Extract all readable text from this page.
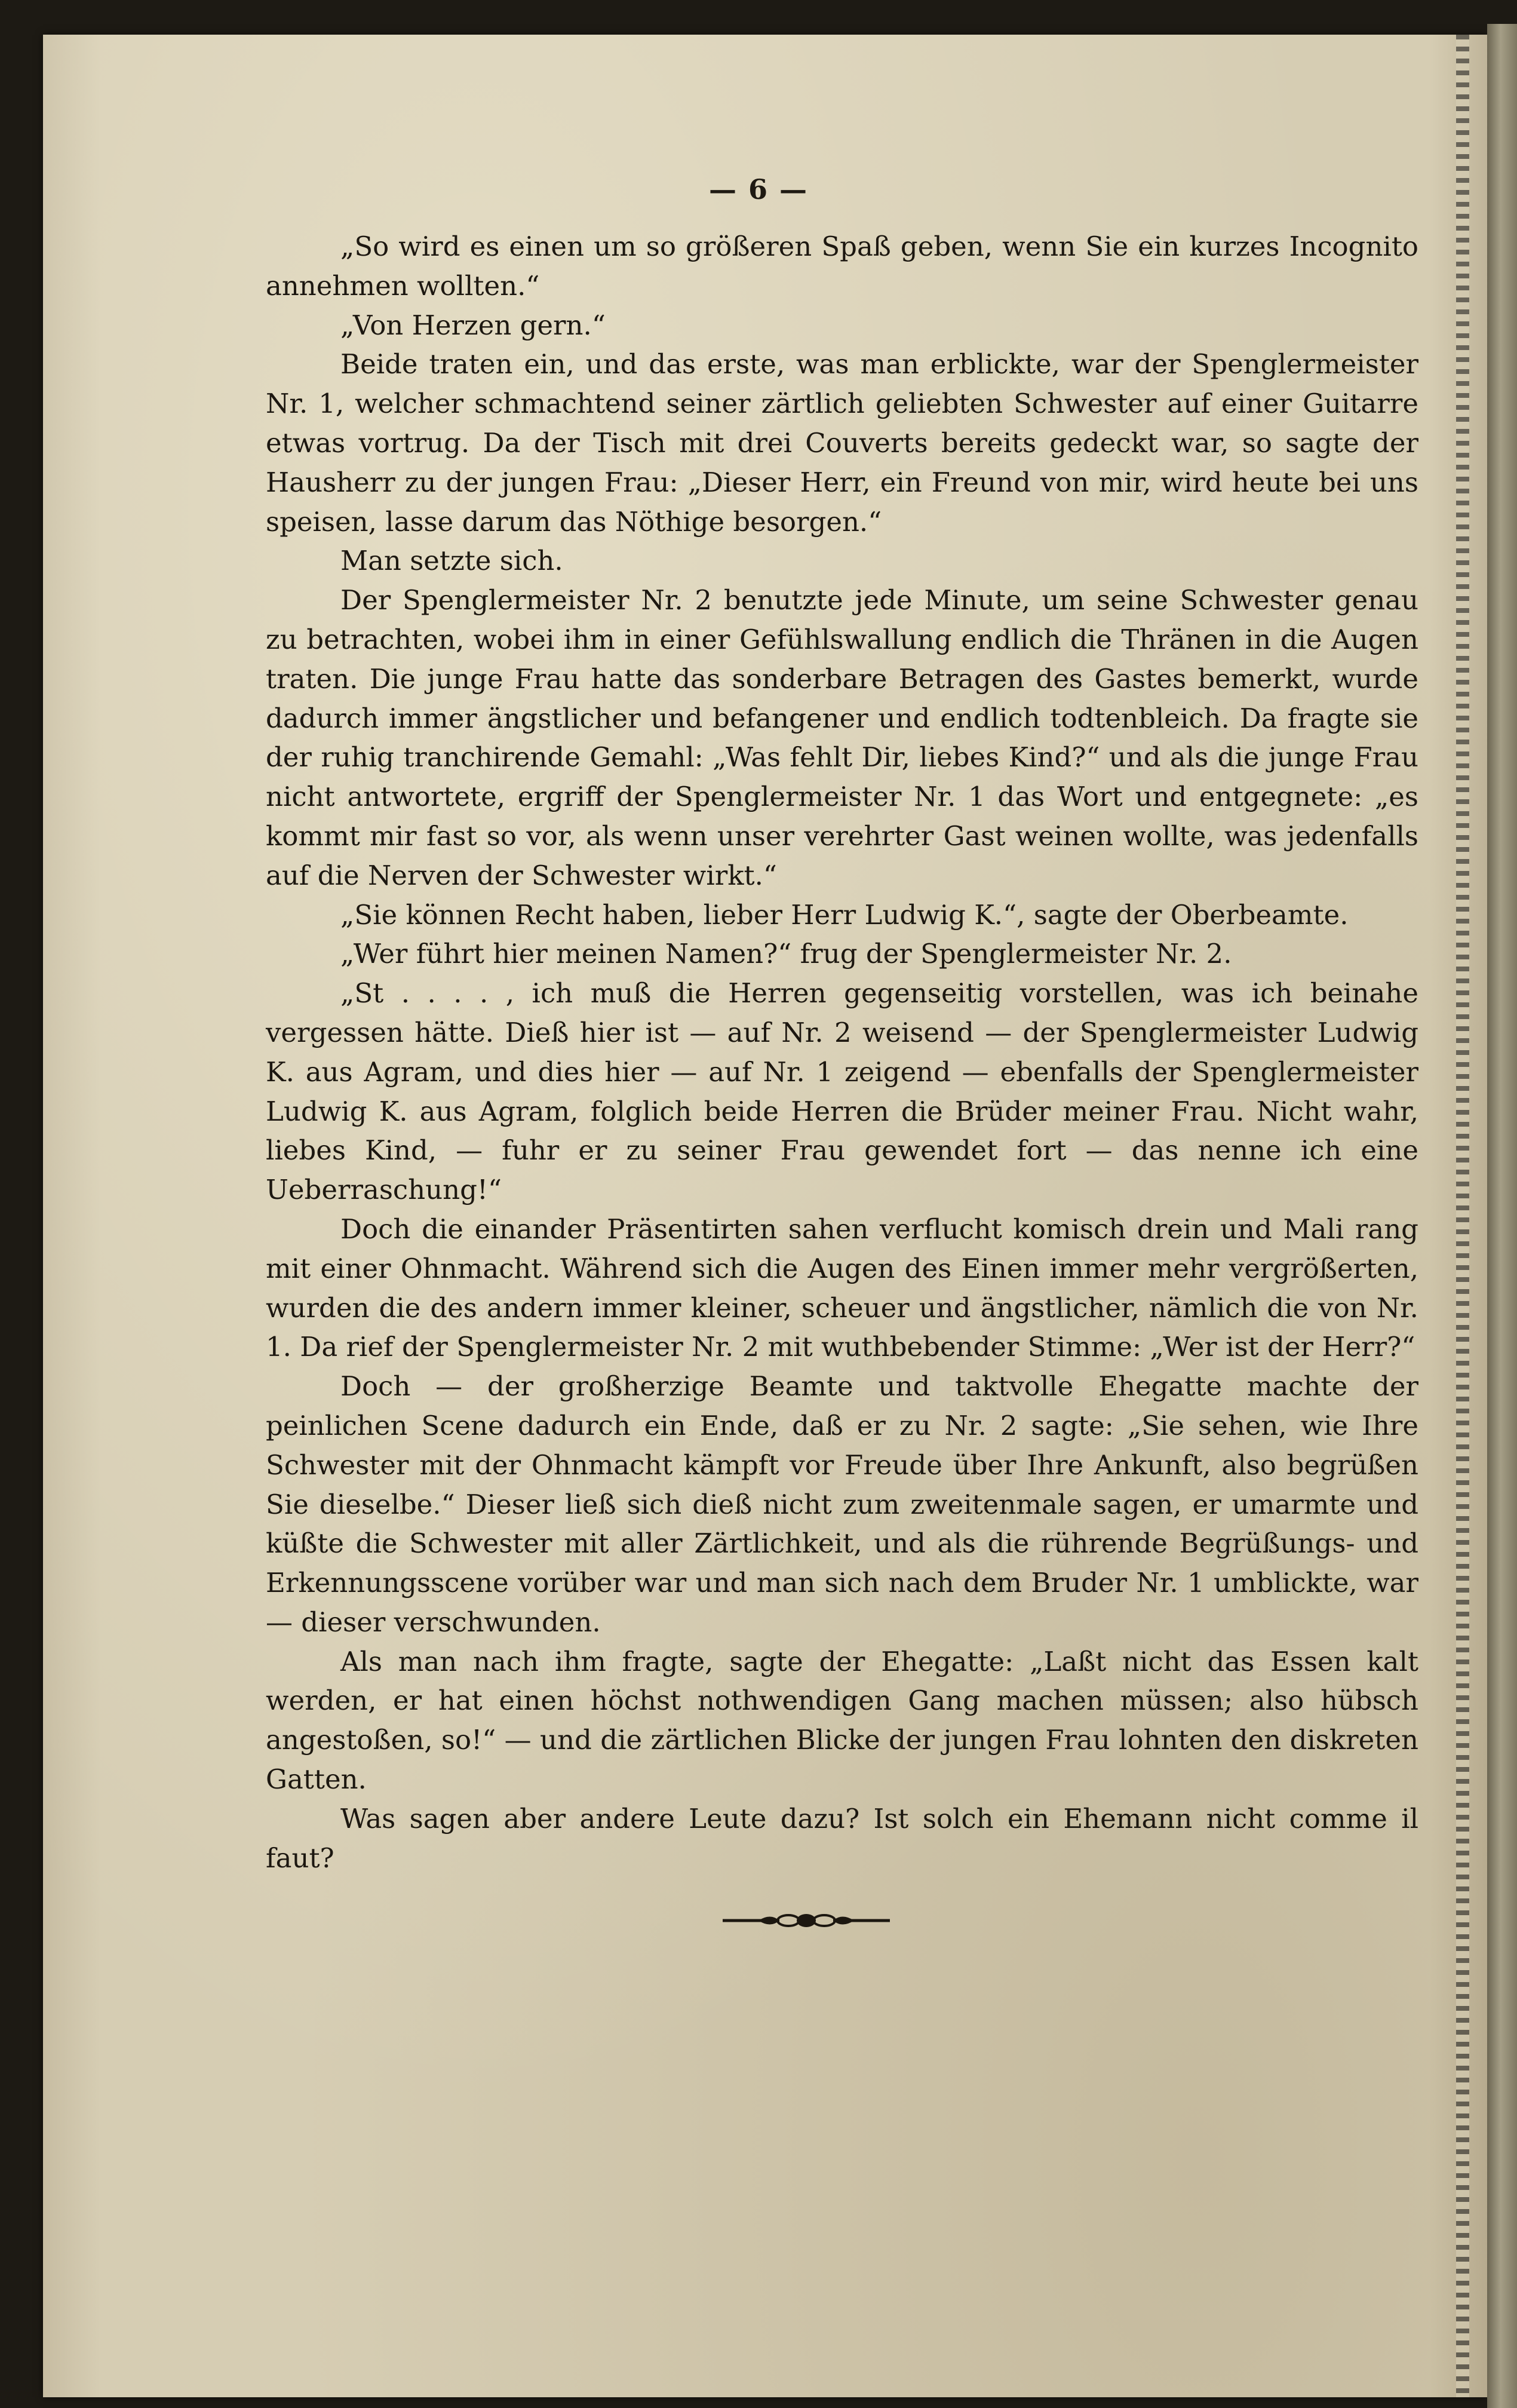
— 6 —

„So wird es einen um so größeren Spaß geben, wenn Sie ein kurzes Incognito annehmen wollten.“

„Von Herzen gern.“

Beide traten ein, und das erste, was man erblickte, war der Spenglermeister Nr. 1, welcher schmachtend seiner zärtlich geliebten Schwester auf einer Guitarre etwas vortrug. Da der Tisch mit drei Couverts bereits gedeckt war, so sagte der Hausherr zu der jungen Frau: „Dieser Herr, ein Freund von mir, wird heute bei uns speisen, lasse darum das Nöthige besorgen.“

Man setzte sich.

Der Spenglermeister Nr. 2 benutzte jede Minute, um seine Schwester genau zu betrachten, wobei ihm in einer Gefühlswallung endlich die Thränen in die Augen traten. Die junge Frau hatte das sonderbare Betragen des Gastes bemerkt, wurde dadurch immer ängstlicher und befangener und endlich todtenbleich. Da fragte sie der ruhig tranchirende Gemahl: „Was fehlt Dir, liebes Kind?“ und als die junge Frau nicht antwortete, ergriff der Spenglermeister Nr. 1 das Wort und entgegnete: „es kommt mir fast so vor, als wenn unser verehrter Gast weinen wollte, was jedenfalls auf die Nerven der Schwester wirkt.“

„Sie können Recht haben, lieber Herr Ludwig K.“, sagte der Oberbeamte.

„Wer führt hier meinen Namen?“ frug der Spenglermeister Nr. 2.

„St . . . . , ich muß die Herren gegenseitig vorstellen, was ich beinahe vergessen hätte. Dieß hier ist — auf Nr. 2 weisend — der Spenglermeister Ludwig K. aus Agram, und dies hier — auf Nr. 1 zeigend — ebenfalls der Spenglermeister Ludwig K. aus Agram, folglich beide Herren die Brüder meiner Frau. Nicht wahr, liebes Kind, — fuhr er zu seiner Frau gewendet fort — das nenne ich eine Ueberraschung!“

Doch die einander Präsentirten sahen verflucht komisch drein und Mali rang mit einer Ohnmacht. Während sich die Augen des Einen immer mehr vergrößerten, wurden die des andern immer kleiner, scheuer und ängstlicher, nämlich die von Nr. 1. Da rief der Spenglermeister Nr. 2 mit wuthbebender Stimme: „Wer ist der Herr?“

Doch — der großherzige Beamte und taktvolle Ehegatte machte der peinlichen Scene dadurch ein Ende, daß er zu Nr. 2 sagte: „Sie sehen, wie Ihre Schwester mit der Ohnmacht kämpft vor Freude über Ihre Ankunft, also begrüßen Sie dieselbe.“ Dieser ließ sich dieß nicht zum zweitenmale sagen, er umarmte und küßte die Schwester mit aller Zärtlichkeit, und als die rührende Begrüßungs- und Erkennungsscene vorüber war und man sich nach dem Bruder Nr. 1 umblickte, war — dieser verschwunden.

Als man nach ihm fragte, sagte der Ehegatte: „Laßt nicht das Essen kalt werden, er hat einen höchst nothwendigen Gang machen müssen; also hübsch angestoßen, so!“ — und die zärtlichen Blicke der jungen Frau lohnten den diskreten Gatten.

Was sagen aber andere Leute dazu? Ist solch ein Ehemann nicht comme il faut?
